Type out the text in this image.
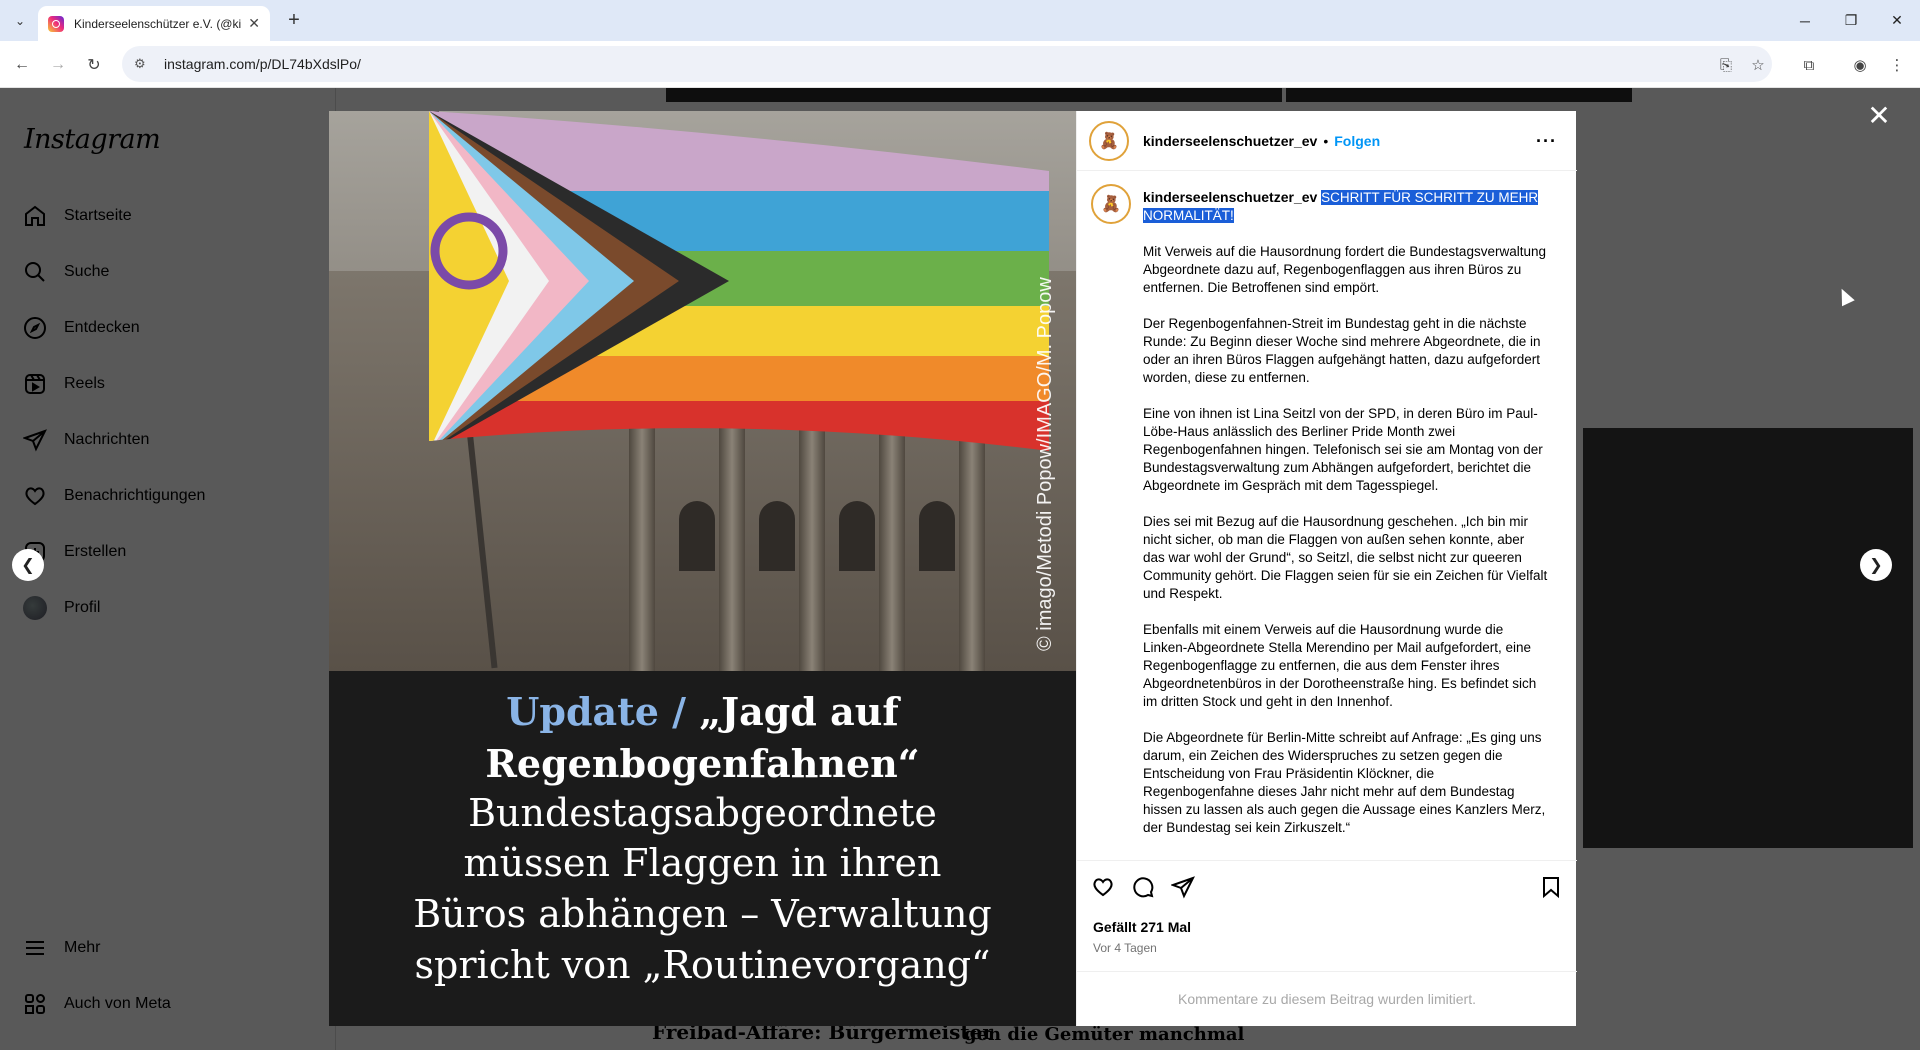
⌄	Kinderseelenschützer e.V. (@ki ✕	+	─	❐	✕
← →	↻	⚙	instagram.com/p/DL74bXdslPo/	⎘	☆	⧉	◉	⋮
✕
❮	❯
© imago/Metodi Popow/IMAGO/M. Popow
Update / „Jagd auf
Regenbogenfahnen“
Bundestagsabgeordnete
müssen Flaggen in ihren
Büros abhängen – Verwaltung
spricht von „Routinevorgang“
🧸	kinderseelenschuetzer_ev • Folgen	···
🧸	kinderseelenschuetzer_ev SCHRITT FÜR SCHRITT ZU MEHR
NORMALITÄT!
Mit Verweis auf die Hausordnung fordert die Bundestagsverwaltung Abgeordnete dazu auf, Regenbogenflaggen aus ihren Büros zu entfernen. Die Betroffenen sind empört.
Der Regenbogenfahnen-Streit im Bundestag geht in die nächste Runde: Zu Beginn dieser Woche sind mehrere Abgeordnete, die in oder an ihren Büros Flaggen aufgehängt hatten, dazu aufgefordert worden, diese zu entfernen.
Eine von ihnen ist Lina Seitzl von der SPD, in deren Büro im Paul-Löbe-Haus anlässlich des Berliner Pride Month zwei Regenbogenfahnen hingen. Telefonisch sei sie am Montag von der Bundestagsverwaltung zum Abhängen aufgefordert, berichtet die Abgeordnete im Gespräch mit dem Tagesspiegel.
Dies sei mit Bezug auf die Hausordnung geschehen. „Ich bin mir nicht sicher, ob man die Flaggen von außen sehen konnte, aber das war wohl der Grund“, so Seitzl, die selbst nicht zur queeren Community gehört. Die Flaggen seien für sie ein Zeichen für Vielfalt und Respekt.
Ebenfalls mit einem Verweis auf die Hausordnung wurde die Linken-Abgeordnete Stella Merendino per Mail aufgefordert, eine Regenbogenflagge zu entfernen, die aus dem Fenster ihres Abgeordnetenbüros in der Dorotheenstraße hing. Es befindet sich im dritten Stock und geht in den Innenhof.
Die Abgeordnete für Berlin-Mitte schreibt auf Anfrage: „Es ging uns darum, ein Zeichen des Widerspruches zu setzen gegen die Entscheidung von Frau Präsidentin Klöckner, die Regenbogenfahne dieses Jahr nicht mehr auf dem Bundestag hissen zu lassen als auch gegen die Aussage eines Kanzlers Merz, der Bundestag sei kein Zirkuszelt.“
Gefällt 271 Mal
Vor 4 Tagen
Kommentare zu diesem Beitrag wurden limitiert.
